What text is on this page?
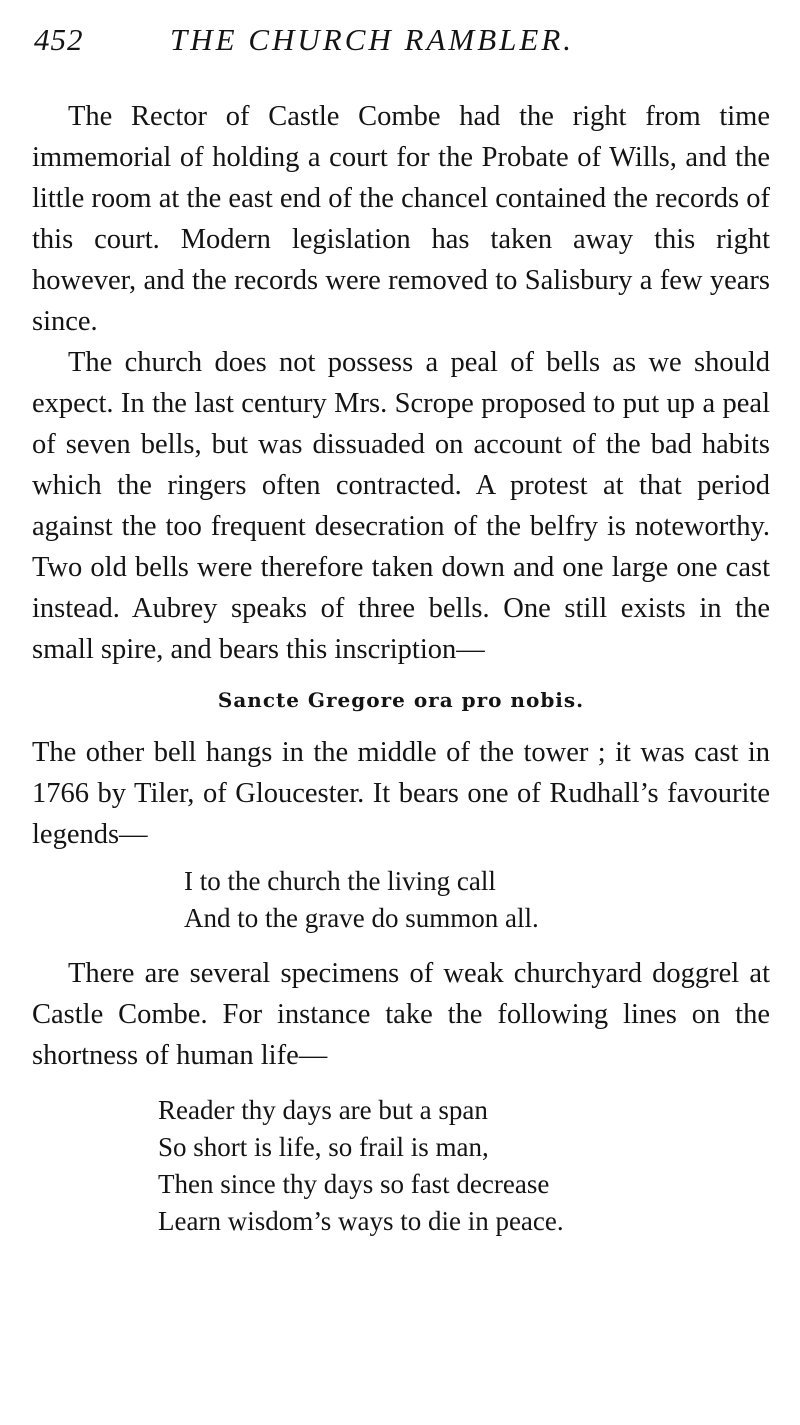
452	THE CHURCH RAMBLER.

The Rector of Castle Combe had the right from time immemorial of holding a court for the Probate of Wills, and the little room at the east end of the chancel contained the records of this court. Modern legislation has taken away this right however, and the records were removed to Salisbury a few years since.

The church does not possess a peal of bells as we should expect. In the last century Mrs. Scrope proposed to put up a peal of seven bells, but was dissuaded on account of the bad habits which the ringers often contracted. A protest at that period against the too frequent desecration of the belfry is noteworthy. Two old bells were therefore taken down and one large one cast instead. Aubrey speaks of three bells. One still exists in the small spire, and bears this inscription—

Sancte Gregore ora pro nobis.

The other bell hangs in the middle of the tower ; it was cast in 1766 by Tiler, of Gloucester. It bears one of Rudhall’s favourite legends—

I to the church the living call
And to the grave do summon all.

There are several specimens of weak churchyard doggrel at Castle Combe. For instance take the following lines on the shortness of human life—

Reader thy days are but a span
So short is life, so frail is man,
Then since thy days so fast decrease
Learn wisdom’s ways to die in peace.
